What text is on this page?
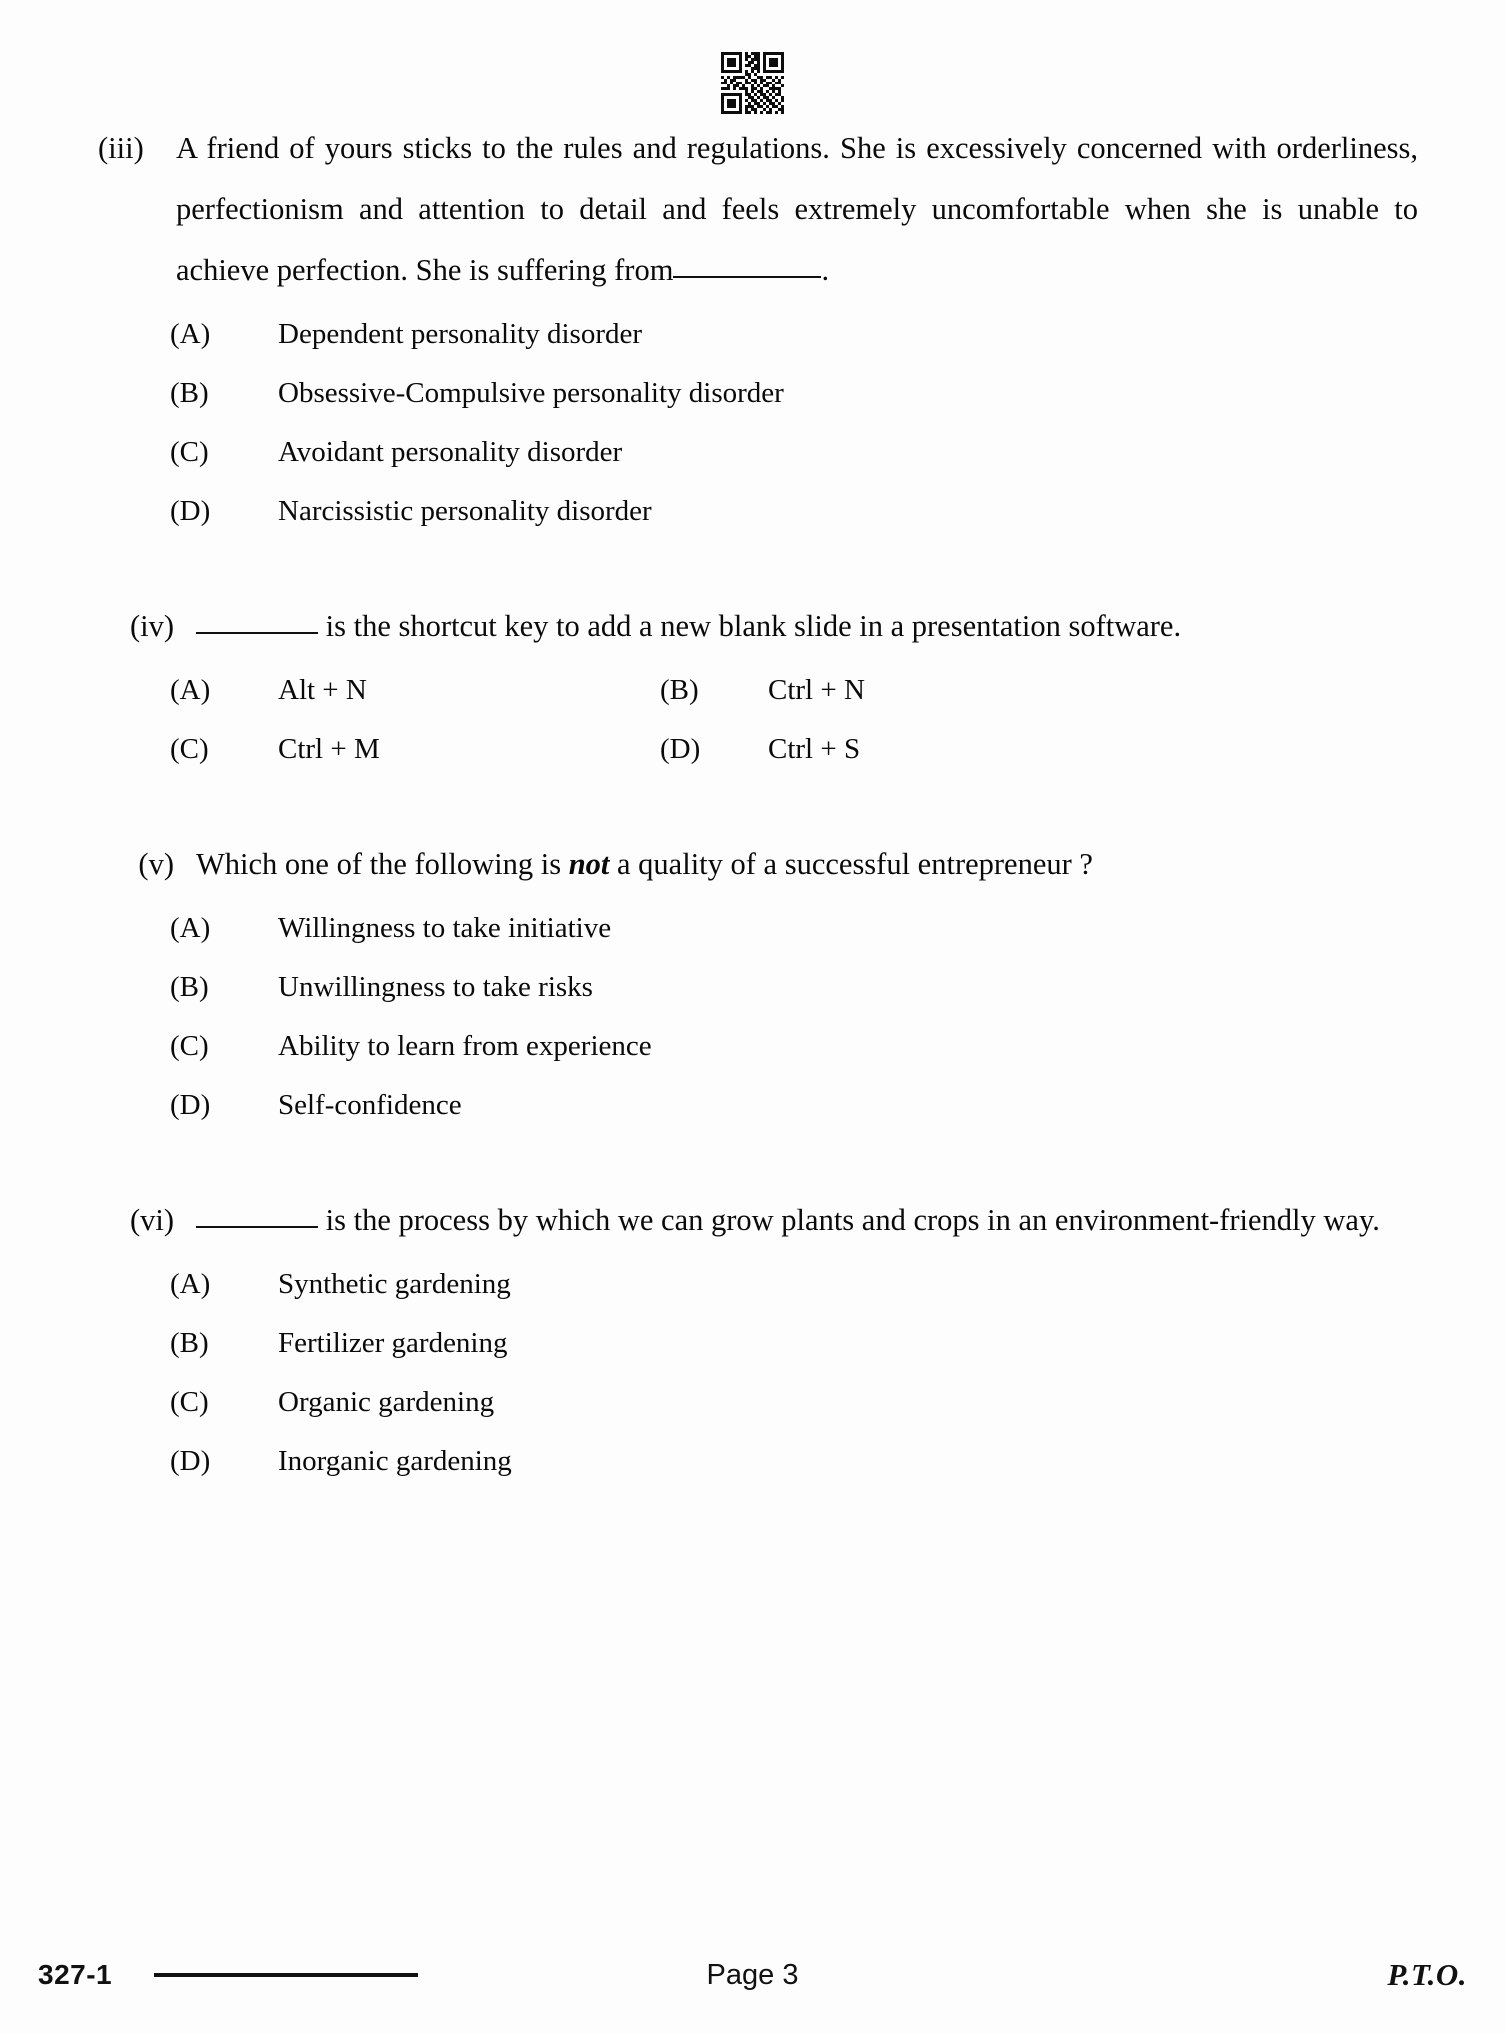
(iii)	A friend of yours sticks to the rules and regulations. She is excessively concerned with orderliness, perfectionism and attention to detail and feels extremely uncomfortable when she is unable to achieve perfection. She is suffering from	.
(A)	Dependent personality disorder
(B)	Obsessive-Compulsive personality disorder
(C)	Avoidant personality disorder
(D)	Narcissistic personality disorder
(iv)	is the shortcut key to add a new blank slide in a presentation software.
(A)	Alt + N	(B)	Ctrl + N
(C)	Ctrl + M	(D)	Ctrl + S
(v) Which one of the following is not a quality of a successful entrepreneur ?
(A)	Willingness to take initiative
(B)	Unwillingness to take risks
(C)	Ability to learn from experience
(D)	Self-confidence
(vi)	is the process by which we can grow plants and crops in an environment-friendly way.
(A)	Synthetic gardening
(B)	Fertilizer gardening
(C)	Organic gardening
(D)	Inorganic gardening
327-1	Page 3	P.T.O.
